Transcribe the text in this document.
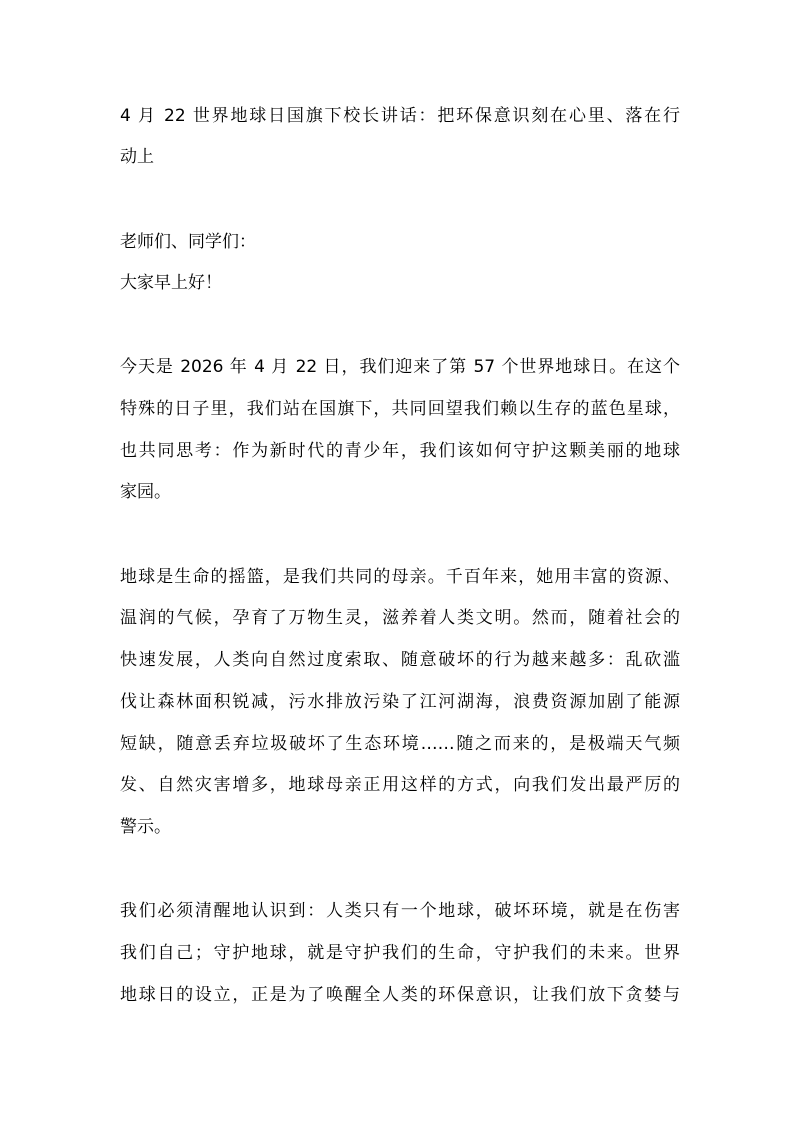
4 月 22 世界地球日国旗下校长讲话：把环保意识刻在心里、落在行
动上
老师们、同学们：
大家早上好！
今天是 2026 年 4 月 22 日，我们迎来了第 57 个世界地球日。在这个
特殊的日子里，我们站在国旗下，共同回望我们赖以生存的蓝色星球，
也共同思考：作为新时代的青少年，我们该如何守护这颗美丽的地球
家园。
地球是生命的摇篮，是我们共同的母亲。千百年来，她用丰富的资源、
温润的气候，孕育了万物生灵，滋养着人类文明。然而，随着社会的
快速发展，人类向自然过度索取、随意破坏的行为越来越多：乱砍滥
伐让森林面积锐减，污水排放污染了江河湖海，浪费资源加剧了能源
短缺，随意丢弃垃圾破坏了生态环境……随之而来的，是极端天气频
发、自然灾害增多，地球母亲正用这样的方式，向我们发出最严厉的
警示。
我们必须清醒地认识到：人类只有一个地球，破坏环境，就是在伤害
我们自己；守护地球，就是守护我们的生命，守护我们的未来。世界
地球日的设立，正是为了唤醒全人类的环保意识，让我们放下贪婪与
